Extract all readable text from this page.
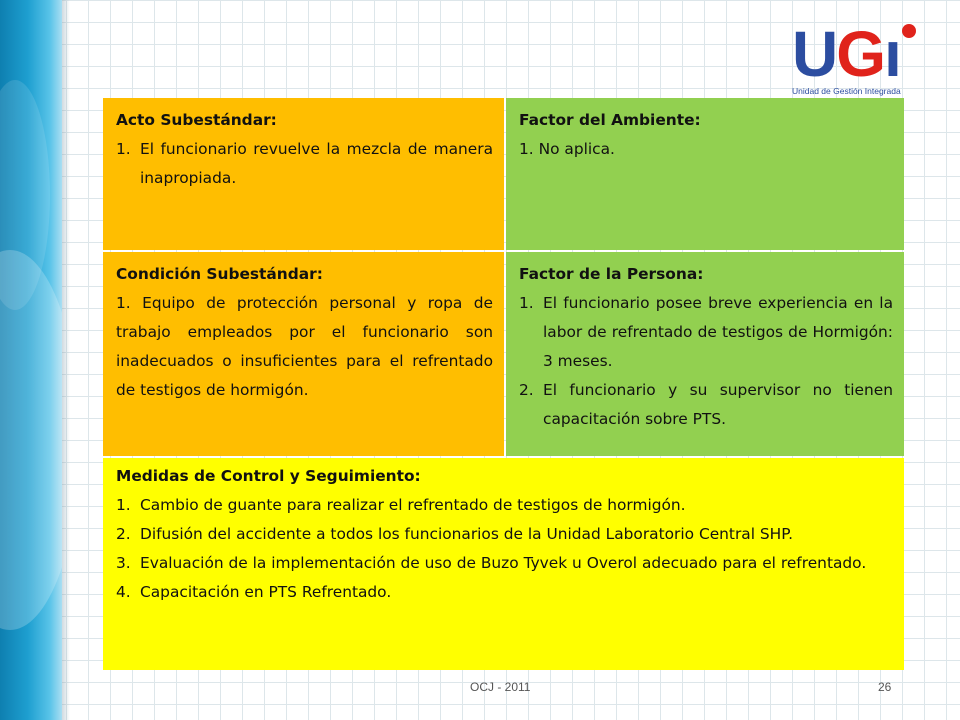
UGı
Unidad de Gestión Integrada
Acto Subestándar:
1. El funcionario revuelve la mezcla de manera inapropiada.
Factor del Ambiente:
1. No aplica.
Condición Subestándar:
1. Equipo de protección personal y ropa de trabajo empleados por el funcionario son inadecuados o insuficientes para el refrentado de testigos de hormigón.
Factor de la Persona:
1. El funcionario posee breve experiencia en la labor de refrentado de testigos de Hormigón: 3 meses.
2. El funcionario y su supervisor no tienen capacitación sobre PTS.
Medidas de Control y Seguimiento:
1. Cambio de guante para realizar el refrentado de testigos de hormigón.
2. Difusión del accidente a todos los funcionarios de la Unidad Laboratorio Central SHP.
3. Evaluación de la implementación de uso de Buzo Tyvek u Overol adecuado para el refrentado.
4. Capacitación en PTS Refrentado.
OCJ - 2011	26
